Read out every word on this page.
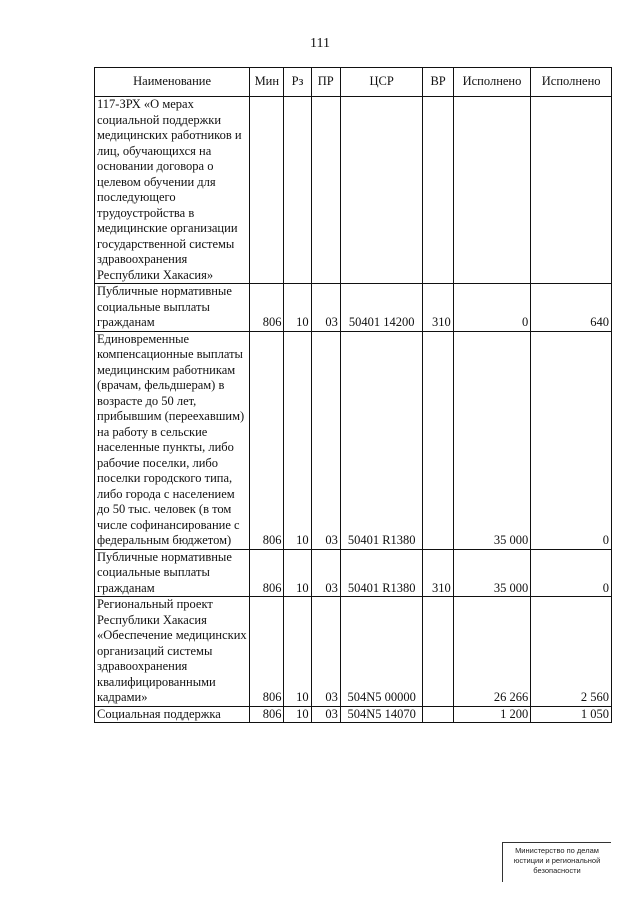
111
Наименование	Мин	Рз	ПР	ЦСР	ВР	Исполнено	Исполнено
117-ЗРХ «О мерах социальной поддержки медицинских работников и лиц, обучающихся на основании договора о целевом обучении для последующего трудоустройства в медицинские организации государственной системы здравоохранения Республики Хакасия»							
Публичные нормативные социальные выплаты гражданам	806	10	03	50401 14200	310	0	640
Единовременные компенсационные выплаты медицинским работникам (врачам, фельдшерам) в возрасте до 50 лет, прибывшим (переехавшим) на работу в сельские населенные пункты, либо рабочие поселки, либо поселки городского типа, либо города с населением до 50 тыс. человек (в том числе софинансирование с федеральным бюджетом)	806	10	03	50401 R1380		35 000	0
Публичные нормативные социальные выплаты гражданам	806	10	03	50401 R1380	310	35 000	0
Региональный проект Республики Хакасия «Обеспечение медицинских организаций системы здравоохранения квалифицированными кадрами»	806	10	03	504N5 00000		26 266	2 560
Социальная поддержка	806	10	03	504N5 14070		1 200	1 050
Министерство по делам
юстиции и региональной
безопасности
